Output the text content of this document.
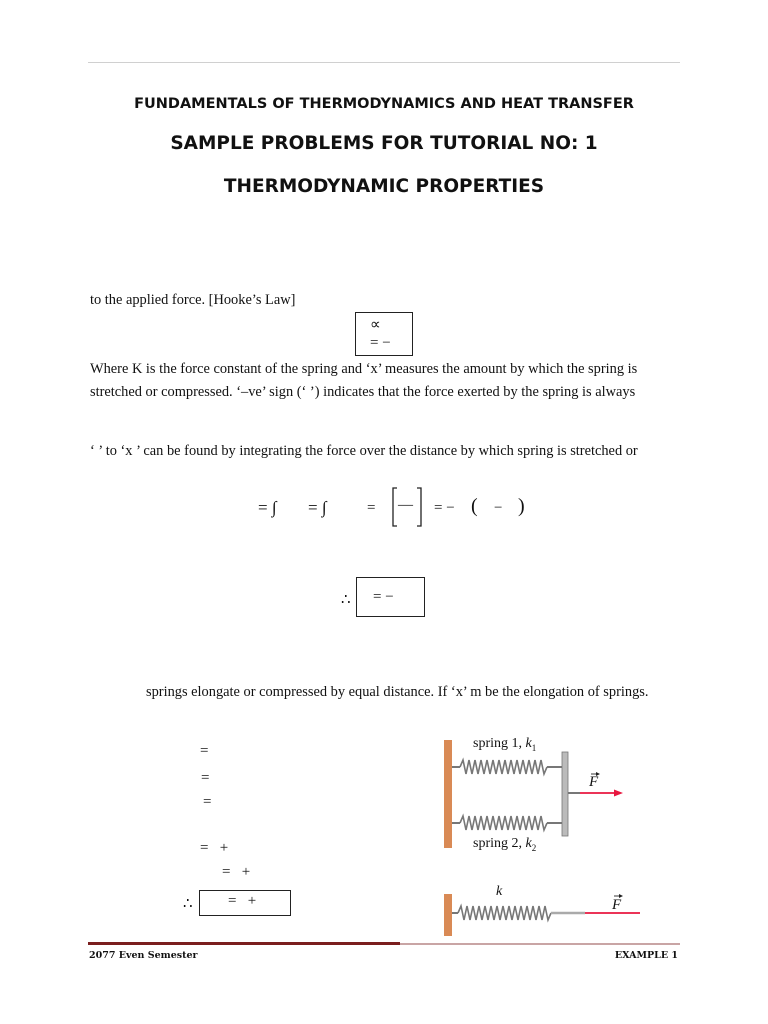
FUNDAMENTALS OF THERMODYNAMICS AND HEAT TRANSFER
SAMPLE PROBLEMS FOR TUTORIAL NO: 1
THERMODYNAMIC PROPERTIES
to the applied force. [Hooke’s Law]
∝
= −
Where K is the force constant of the spring and ‘x’ measures the amount by which the spring is
stretched or compressed. ‘–ve’ sign (‘ ’) indicates that the force exerted by the spring is always
‘ ’ to ‘x ’ can be found by integrating the force over the distance by which spring is stretched or
= ∫ = ∫	= — = − ( − )
∴ = −
springs elongate or compressed by equal distance. If ‘x’ m be the elongation of springs.
=
=
=
=   +
=   +
∴ =   +
spring 1, $k_1$
spring 2, $k_2$
F
k
F
2077 Even Semester	EXAMPLE 1
